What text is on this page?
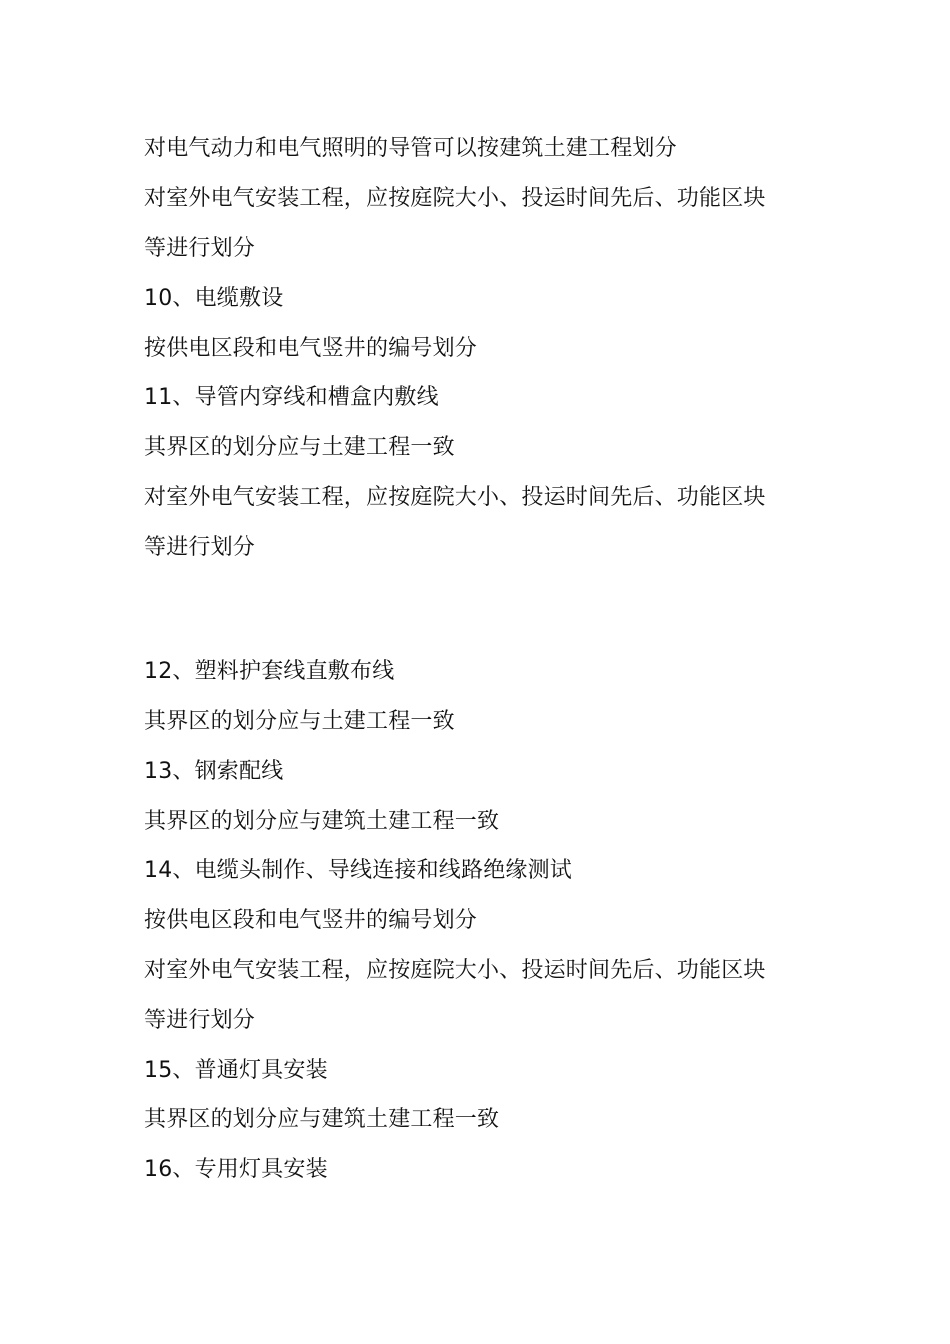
对电气动力和电气照明的导管可以按建筑土建工程划分
对室外电气安装工程，应按庭院大小、投运时间先后、功能区块
等进行划分
10、电缆敷设
按供电区段和电气竖井的编号划分
11、导管内穿线和槽盒内敷线
其界区的划分应与土建工程一致
对室外电气安装工程，应按庭院大小、投运时间先后、功能区块
等进行划分
12、塑料护套线直敷布线
其界区的划分应与土建工程一致
13、钢索配线
其界区的划分应与建筑土建工程一致
14、电缆头制作、导线连接和线路绝缘测试
按供电区段和电气竖井的编号划分
对室外电气安装工程，应按庭院大小、投运时间先后、功能区块
等进行划分
15、普通灯具安装
其界区的划分应与建筑土建工程一致
16、专用灯具安装
